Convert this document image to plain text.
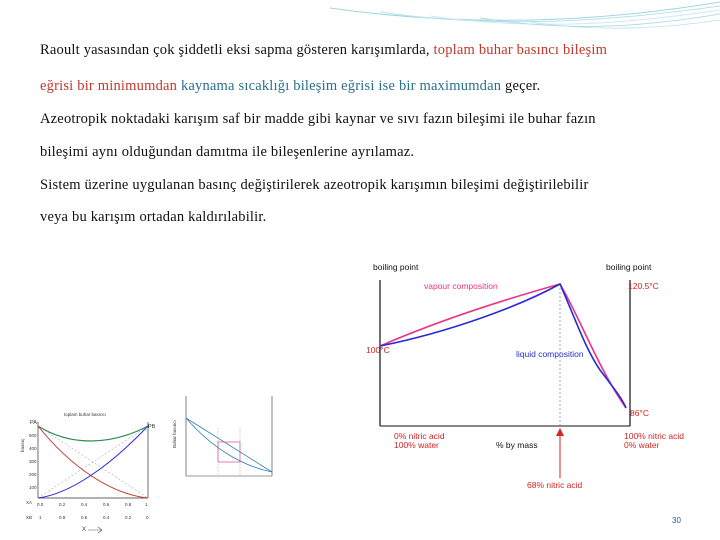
Raoult yasasından çok şiddetli eksi sapma gösteren karışımlarda, toplam buhar basıncı bileşim
eğrisi bir minimumdan kaynama sıcaklığı bileşim eğrisi ise bir maximumdan geçer.
Azeotropik noktadaki karışım saf bir madde gibi kaynar ve sıvı fazın bileşimi ile buhar fazın
bileşimi aynı olduğundan damıtma ile bileşenlerine ayrılamaz.
Sistem üzerine uygulanan basınç değiştirilerek azeotropik karışımın bileşimi değiştirilebilir
veya bu karışım ortadan kaldırılabilir.
boiling point	boiling point
vapour composition
liquid composition
100°C
120.5°C
86°C
0% nitric acid
100% water
100% nitric acid
0% water
% by mass
68% nitric acid
toplam buhar basıncı
PA
PB
basınç
500
400
300
200
100
0.0	0.2	0.4	0.6	0.8	1
1	0.8	0.6	0.4	0.2	0
XA
XB
X
Buhar basıncı
30
